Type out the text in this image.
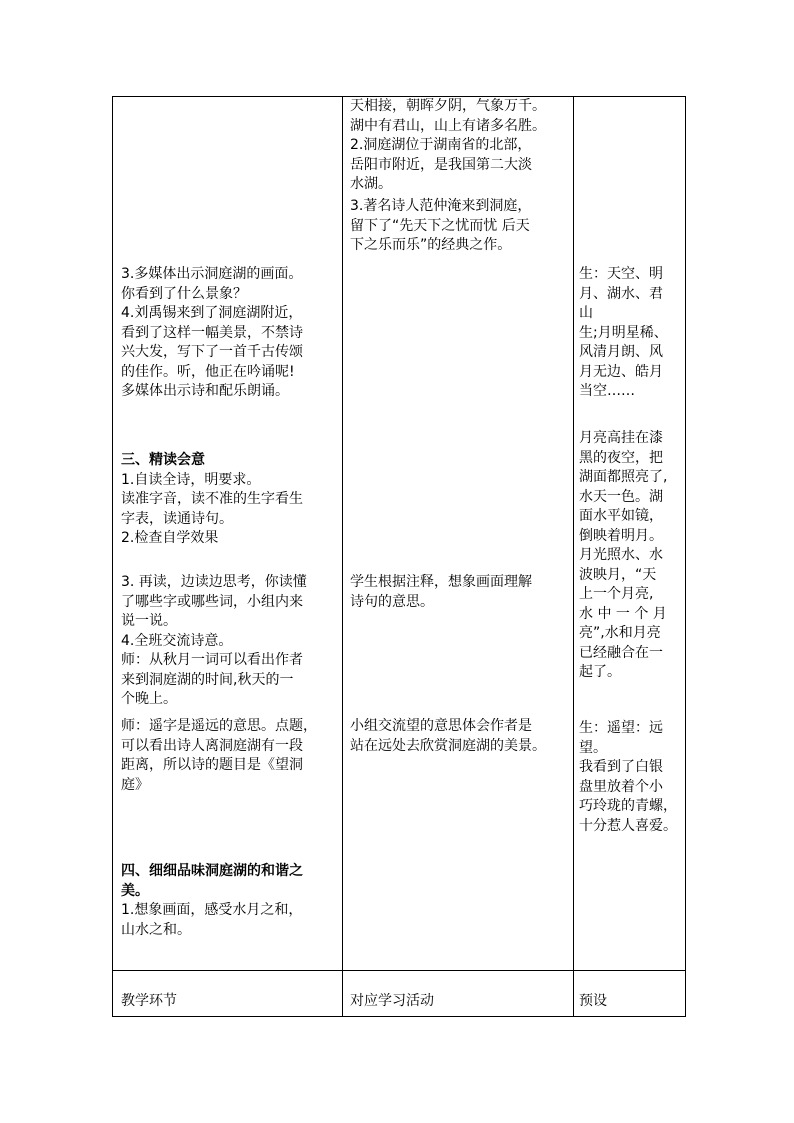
3.多媒体出示洞庭湖的画面。
你看到了什么景象？
4.刘禹锡来到了洞庭湖附近，
看到了这样一幅美景，不禁诗
兴大发，写下了一首千古传颂
的佳作。听，他正在吟诵呢!
多媒体出示诗和配乐朗诵。
三、精读会意
1.自读全诗，明要求。
读准字音，读不准的生字看生
字表，读通诗句。
2.检查自学效果
3. 再读，边读边思考，你读懂
了哪些字或哪些词，小组内来
说一说。
4.全班交流诗意。
师：从秋月一词可以看出作者
来到洞庭湖的时间,秋天的一
个晚上。
师：遥字是遥远的意思。点题，
可以看出诗人离洞庭湖有一段
距离，所以诗的题目是《望洞
庭》
四、细细品味洞庭湖的和谐之
美。
1.想象画面，感受水月之和，
山水之和。
天相接，朝晖夕阴，气象万千。
湖中有君山，山上有诸多名胜。
2.洞庭湖位于湖南省的北部，
岳阳市附近，是我国第二大淡
水湖。
3.著名诗人范仲淹来到洞庭，
留下了“先天下之忧而忧 后天
下之乐而乐”的经典之作。
学生根据注释，想象画面理解
诗句的意思。
小组交流望的意思体会作者是
站在远处去欣赏洞庭湖的美景。
生：天空、明
月、湖水、君
山
生;月明星稀、
风清月朗、风
月无边、皓月
当空……
月亮高挂在漆
黑的夜空，把
湖面都照亮了,
水天一色。湖
面水平如镜，
倒映着明月。
月光照水、水
波映月，“天
上一个月亮,
水 中 一 个 月
亮”,水和月亮
已经融合在一
起了。
生：遥望：远
望。
我看到了白银
盘里放着个小
巧玲珑的青螺，
十分惹人喜爱。
教学环节	对应学习活动	预设
